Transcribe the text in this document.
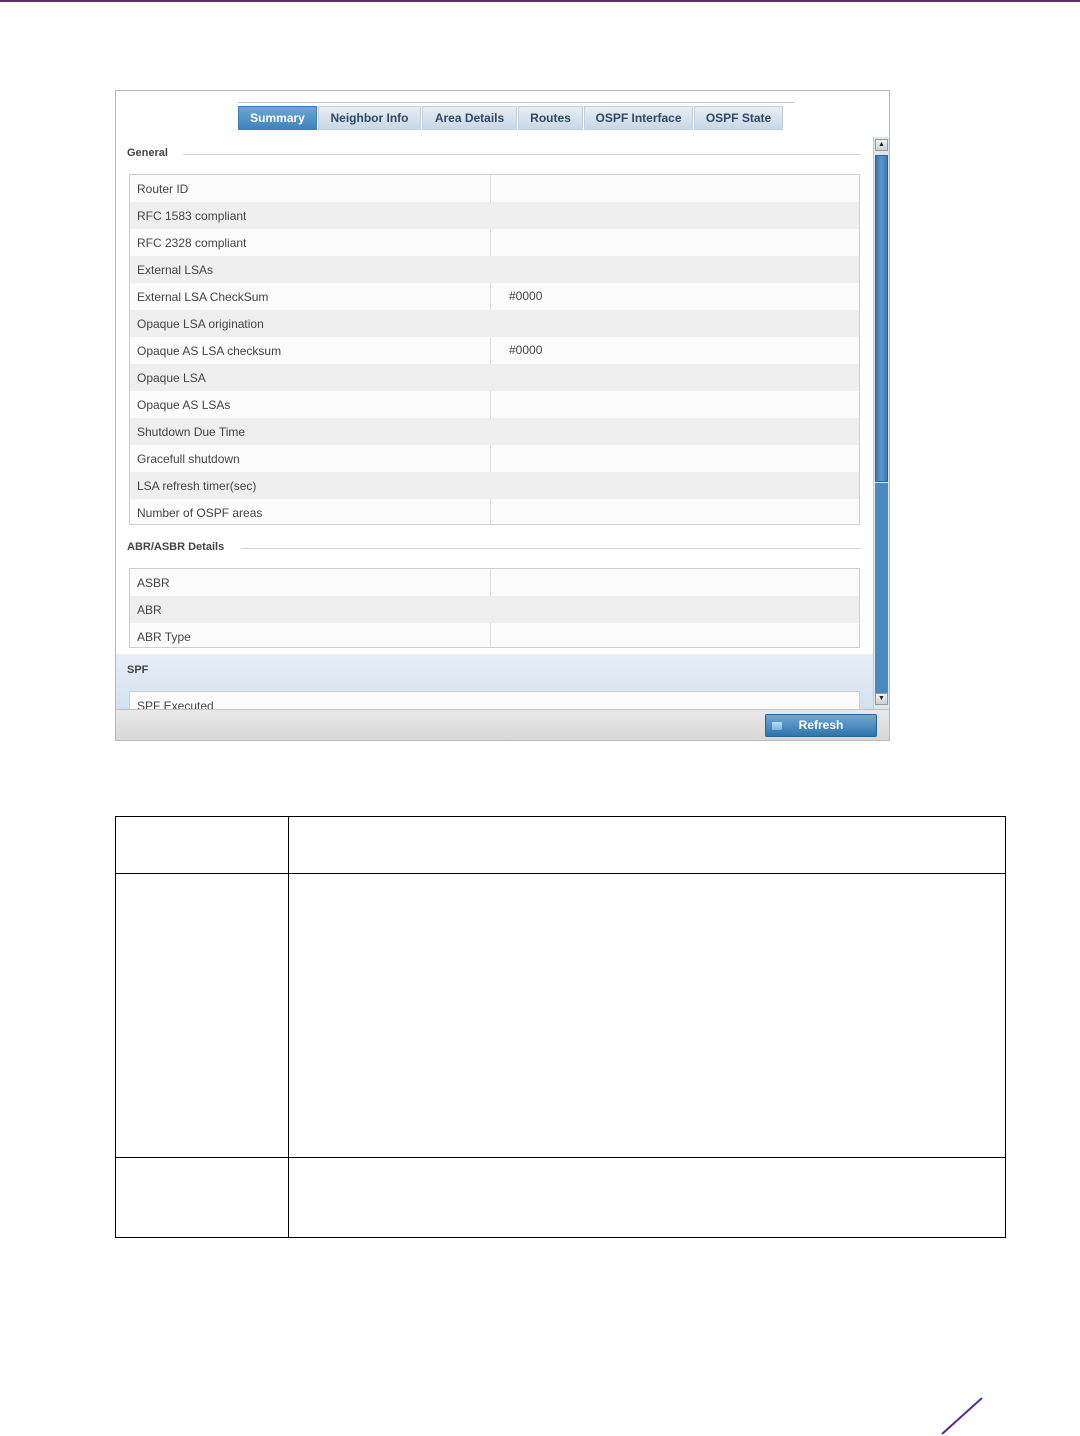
Summary	Neighbor Info	Area Details	Routes	OSPF Interface	OSPF State
General
Router ID
RFC 1583 compliant
RFC 2328 compliant
External LSAs
External LSA CheckSum	#0000
Opaque LSA origination
Opaque AS LSA checksum	#0000
Opaque LSA
Opaque AS LSAs
Shutdown Due Time
Gracefull shutdown
LSA refresh timer(sec)
Number of OSPF areas
ABR/ASBR Details
ASBR
ABR
ABR Type
SPF
SPF Executed
▲
▼
Refresh
